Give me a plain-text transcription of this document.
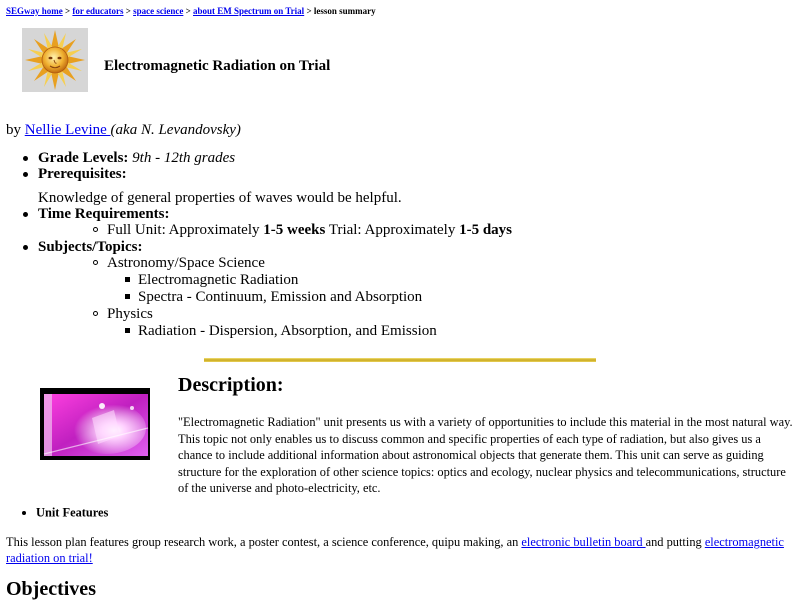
SEGway home > for educators > space science > about EM Spectrum on Trial > lesson summary
Electromagnetic Radiation on Trial
by Nellie Levine (aka N. Levandovsky)
Grade Levels: 9th - 12th grades
Prerequisites:
Knowledge of general properties of waves would be helpful.
Time Requirements:
Full Unit: Approximately 1-5 weeks Trial: Approximately 1-5 days
Subjects/Topics:
Astronomy/Space Science
Electromagnetic Radiation
Spectra - Continuum, Emission and Absorption
Physics
Radiation - Dispersion, Absorption, and Emission
Description:

"Electromagnetic Radiation" unit presents us with a variety of opportunities to include this material in the most natural way. This topic not only enables us to discuss common and specific properties of each type of radiation, but also gives us a chance to include additional information about astronomical objects that generate them. This unit can serve as guiding structure for the exploration of other science topics: optics and ecology, nuclear physics and telecommunications, structure of the universe and photo-electricity, etc.

Unit Features

This lesson plan features group research work, a poster contest, a science conference, quipu making, an electronic bulletin board and putting electromagnetic radiation on trial!

Objectives
